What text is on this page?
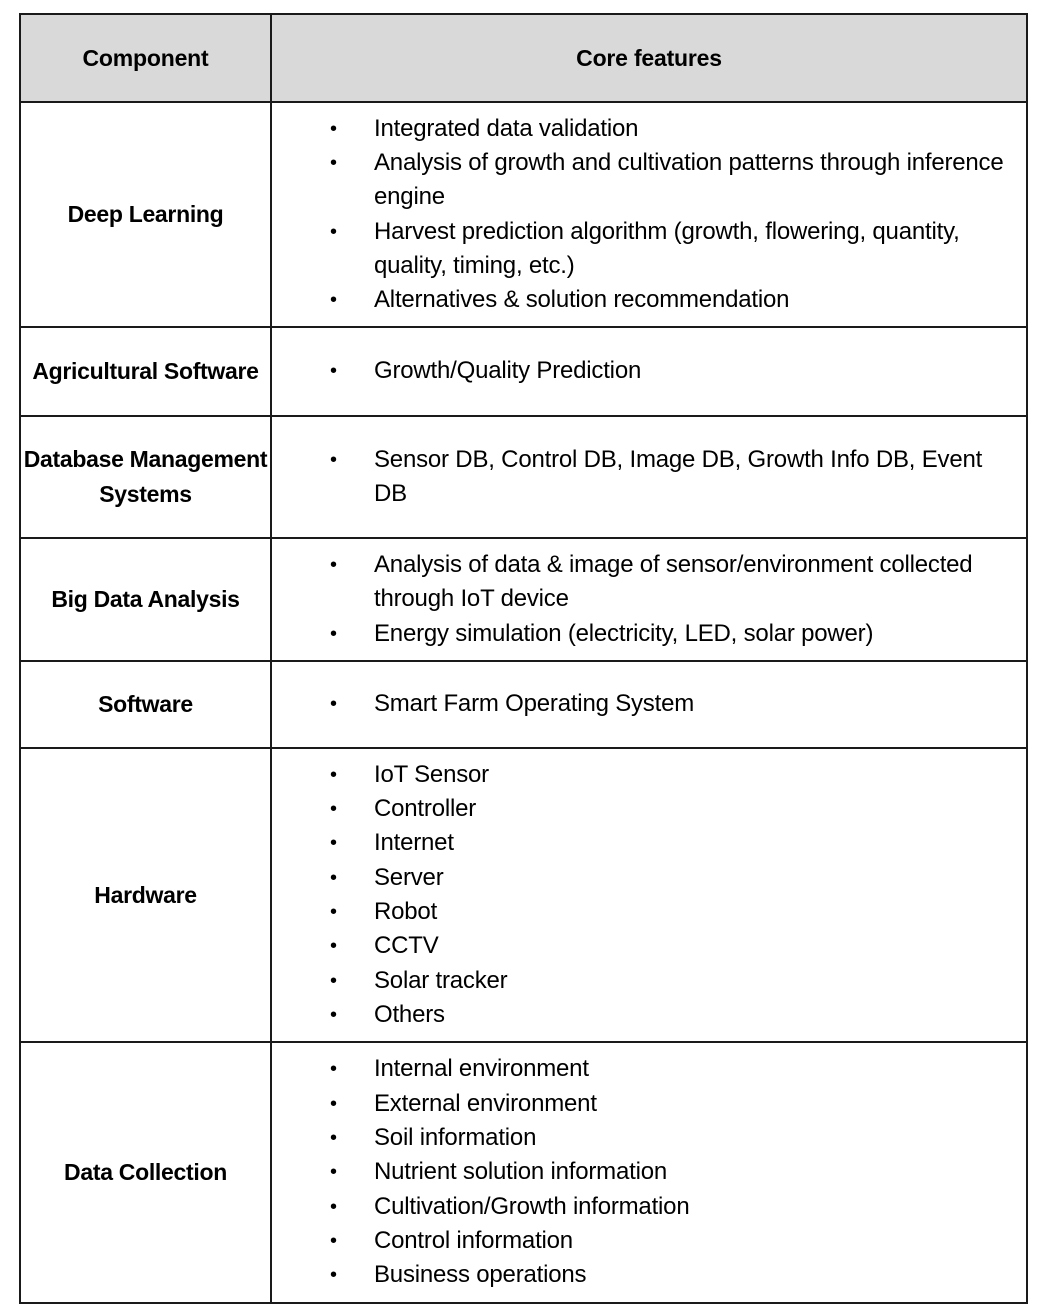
Component	Core features
Deep Learning	
• Integrated data validation
• Analysis of growth and cultivation patterns through inference engine
• Harvest prediction algorithm (growth, flowering, quantity, quality, timing, etc.)
• Alternatives & solution recommendation

Agricultural Software	
•Growth/Quality Prediction

Database Management Systems	
• Sensor DB, Control DB, Image DB, Growth Info DB, Event DB

Big Data Analysis	
• Analysis of data & image of sensor/environment collected through IoT device
• Energy simulation (electricity, LED, solar power)

Software	
•Smart Farm Operating System

Hardware	
• IoT Sensor
• Controller
• Internet
• Server
• Robot
• CCTV
• Solar tracker
• Others

Data Collection	
• Internal environment
• External environment
• Soil information
• Nutrient solution information
• Cultivation/Growth information
• Control information
• Business operations
